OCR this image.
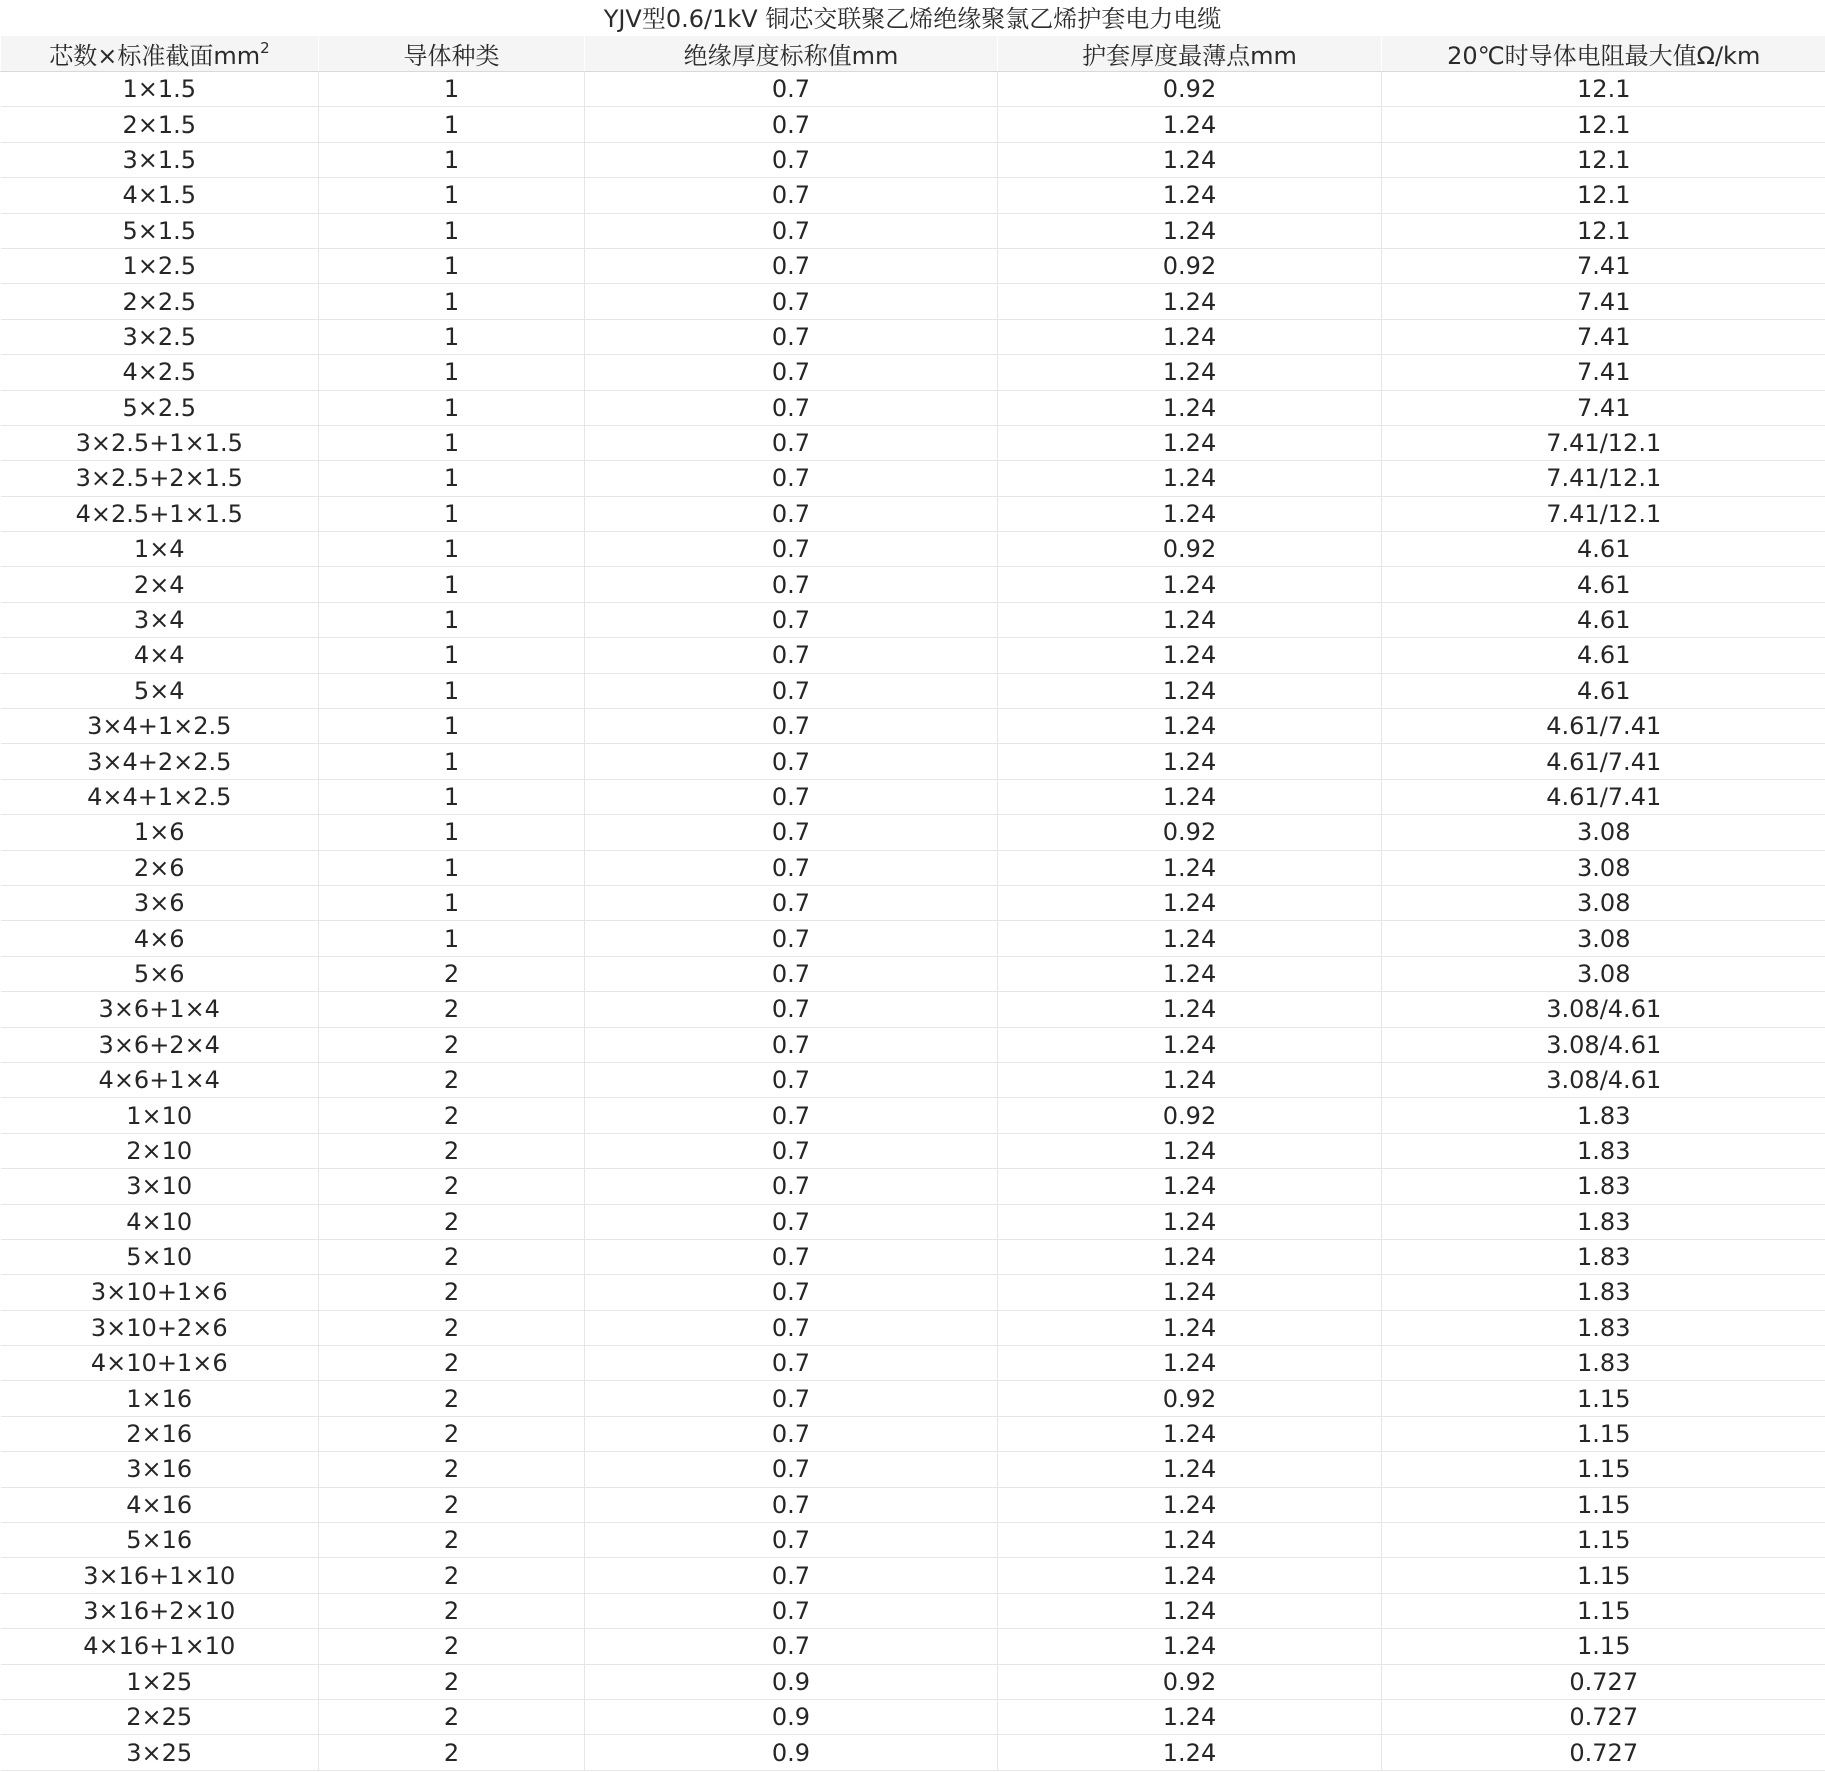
YJV型0.6/1kV 铜芯交联聚乙烯绝缘聚氯乙烯护套电力电缆
芯数×标准截面$mm^2$	导体种类	绝缘厚度标称值mm	护套厚度最薄点mm	20℃时导体电阻最大值Ω/km
1×1.5	1	0.7	0.92	12.1
2×1.5	1	0.7	1.24	12.1
3×1.5	1	0.7	1.24	12.1
4×1.5	1	0.7	1.24	12.1
5×1.5	1	0.7	1.24	12.1
1×2.5	1	0.7	0.92	7.41
2×2.5	1	0.7	1.24	7.41
3×2.5	1	0.7	1.24	7.41
4×2.5	1	0.7	1.24	7.41
5×2.5	1	0.7	1.24	7.41
3×2.5+1×1.5	1	0.7	1.24	7.41/12.1
3×2.5+2×1.5	1	0.7	1.24	7.41/12.1
4×2.5+1×1.5	1	0.7	1.24	7.41/12.1
1×4	1	0.7	0.92	4.61
2×4	1	0.7	1.24	4.61
3×4	1	0.7	1.24	4.61
4×4	1	0.7	1.24	4.61
5×4	1	0.7	1.24	4.61
3×4+1×2.5	1	0.7	1.24	4.61/7.41
3×4+2×2.5	1	0.7	1.24	4.61/7.41
4×4+1×2.5	1	0.7	1.24	4.61/7.41
1×6	1	0.7	0.92	3.08
2×6	1	0.7	1.24	3.08
3×6	1	0.7	1.24	3.08
4×6	1	0.7	1.24	3.08
5×6	2	0.7	1.24	3.08
3×6+1×4	2	0.7	1.24	3.08/4.61
3×6+2×4	2	0.7	1.24	3.08/4.61
4×6+1×4	2	0.7	1.24	3.08/4.61
1×10	2	0.7	0.92	1.83
2×10	2	0.7	1.24	1.83
3×10	2	0.7	1.24	1.83
4×10	2	0.7	1.24	1.83
5×10	2	0.7	1.24	1.83
3×10+1×6	2	0.7	1.24	1.83
3×10+2×6	2	0.7	1.24	1.83
4×10+1×6	2	0.7	1.24	1.83
1×16	2	0.7	0.92	1.15
2×16	2	0.7	1.24	1.15
3×16	2	0.7	1.24	1.15
4×16	2	0.7	1.24	1.15
5×16	2	0.7	1.24	1.15
3×16+1×10	2	0.7	1.24	1.15
3×16+2×10	2	0.7	1.24	1.15
4×16+1×10	2	0.7	1.24	1.15
1×25	2	0.9	0.92	0.727
2×25	2	0.9	1.24	0.727
3×25	2	0.9	1.24	0.727
